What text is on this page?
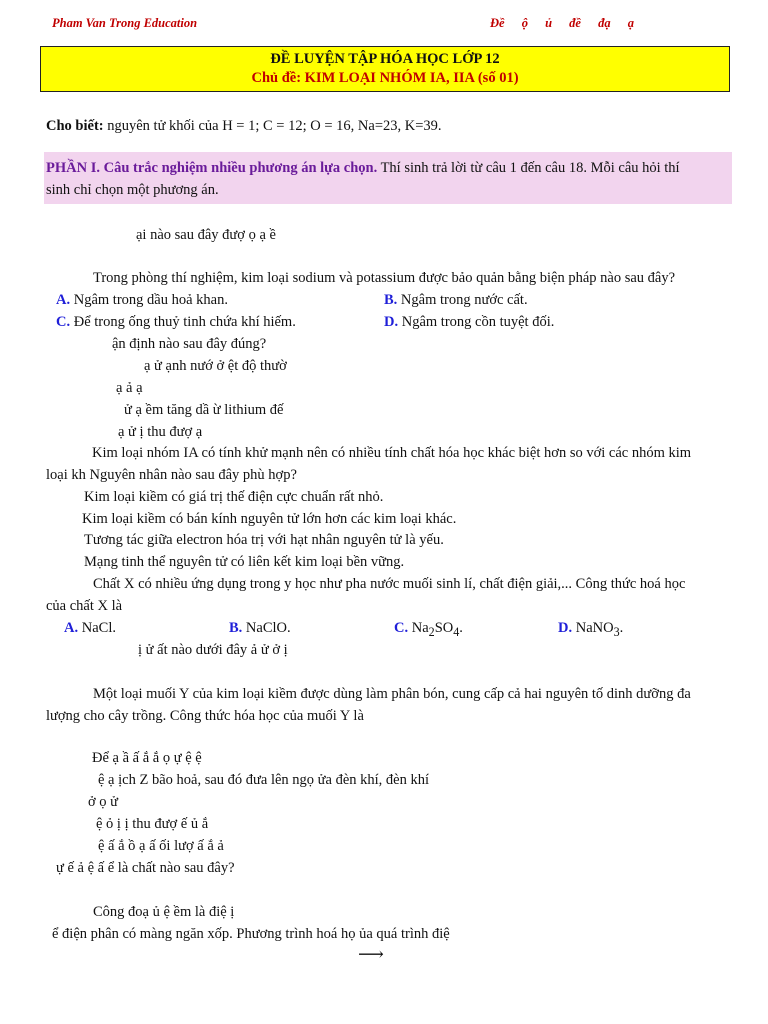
Pham Van Trong Education	Đề ộ ủ đề đạ ạ
ĐỀ LUYỆN TẬP HÓA HỌC LỚP 12
Chủ đề: KIM LOẠI NHÓM IA, IIA (số 01)
Cho biết: nguyên tử khối của H = 1; C = 12; O = 16, Na=23, K=39.
PHẦN I. Câu trắc nghiệm nhiều phương án lựa chọn. Thí sinh trả lời từ câu 1 đến câu 18. Mỗi câu hỏi thí
sinh chỉ chọn một phương án.
ại nào sau đây đượ ọ ạ ề
Trong phòng thí nghiệm, kim loại sodium và potassium được bảo quản bằng biện pháp nào sau đây?
A. Ngâm trong dầu hoả khan.	B. Ngâm trong nước cất.
C. Để trong ống thuỷ tinh chứa khí hiếm.	D. Ngâm trong cồn tuyệt đối.
ận định nào sau đây đúng?
ạ ử ạnh nướ ở ệt độ thườ
ạ ả ạ
ử ạ ềm tăng dầ ừ lithium đế
ạ ử ị thu đượ ạ
Kim loại nhóm IA có tính khử mạnh nên có nhiều tính chất hóa học khác biệt hơn so với các nhóm kim
loại kh Nguyên nhân nào sau đây phù hợp?
Kim loại kiềm có giá trị thế điện cực chuẩn rất nhỏ.
Kim loại kiềm có bán kính nguyên tử lớn hơn các kim loại khác.
Tương tác giữa electron hóa trị với hạt nhân nguyên tử là yếu.
Mạng tinh thể nguyên tử có liên kết kim loại bền vững.
Chất X có nhiều ứng dụng trong y học như pha nước muối sinh lí, chất điện giải,... Công thức hoá học
của chất X là
A. NaCl.	B. NaClO.	C. $Na_2SO_4$.	D. NaNO$_3$.
ị ử ất nào dưới đây ả ử ở ị
Một loại muối Y của kim loại kiềm được dùng làm phân bón, cung cấp cả hai nguyên tố dinh dưỡng đa
lượng cho cây trồng. Công thức hóa học của muối Y là
Để ạ ầ ấ ắ ắ ọ ự ệ ệ
ệ ạ ịch Z bão hoả, sau đó đưa lên ngọ ửa đèn khí, đèn khí
ở ọ ử
ệ ỏ ị ị thu đượ ế ủ ắ
ệ ấ ắ ồ ạ ấ ối lượ ấ ắ ả
ự ế ả ệ ấ ể là chất nào sau đây?
Công đoạ ủ ệ ềm là điệ ị
ể điện phân có màng ngăn xốp. Phương trình hoá họ ủa quá trình điệ
⟶
